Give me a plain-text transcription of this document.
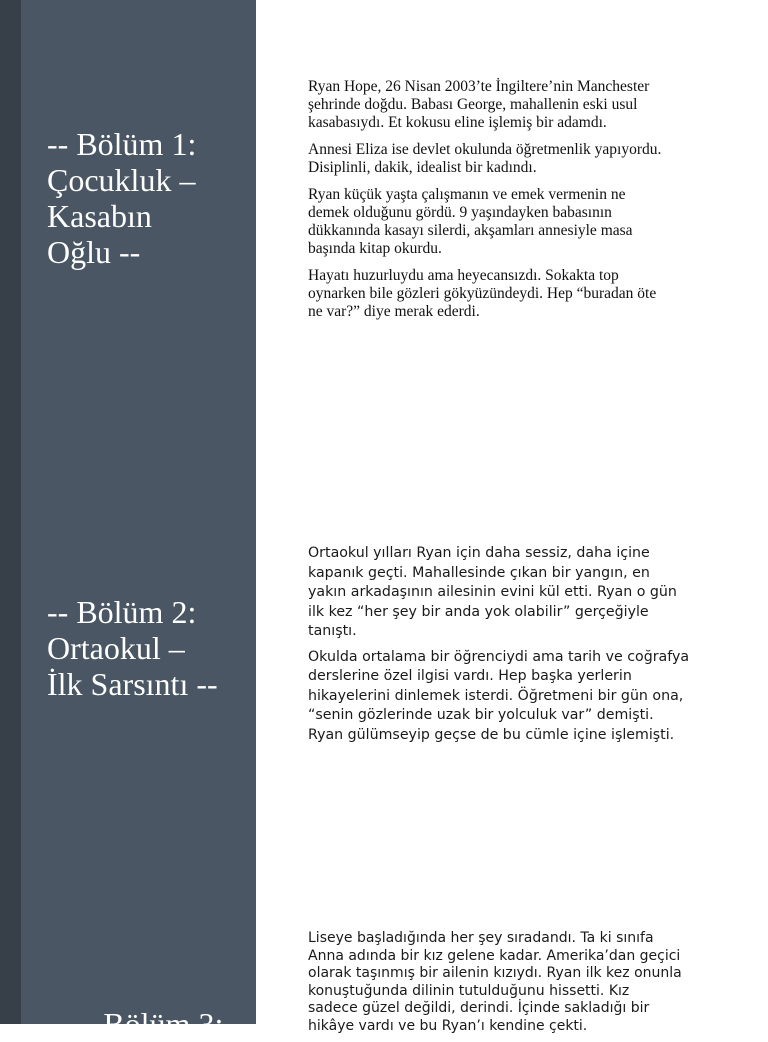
-- Bölüm 1:
Çocukluk –
Kasabın
Oğlu --
-- Bölüm 2:
Ortaokul –
İlk Sarsıntı --
-- Bölüm 3:

Ryan Hope, 26 Nisan 2003’te İngiltere’nin Manchester
şehrinde doğdu. Babası George, mahallenin eski usul
kasabasıydı. Et kokusu eline işlemiş bir adamdı.

Annesi Eliza ise devlet okulunda öğretmenlik yapıyordu.
Disiplinli, dakik, idealist bir kadındı.

Ryan küçük yaşta çalışmanın ve emek vermenin ne
demek olduğunu gördü. 9 yaşındayken babasının
dükkanında kasayı silerdi, akşamları annesiyle masa
başında kitap okurdu.

Hayatı huzurluydu ama heyecansızdı. Sokakta top
oynarken bile gözleri gökyüzündeydi. Hep “buradan öte
ne var?” diye merak ederdi.

Ortaokul yılları Ryan için daha sessiz, daha içine
kapanık geçti. Mahallesinde çıkan bir yangın, en
yakın arkadaşının ailesinin evini kül etti. Ryan o gün
ilk kez “her şey bir anda yok olabilir” gerçeğiyle
tanıştı.

Okulda ortalama bir öğrenciydi ama tarih ve coğrafya
derslerine özel ilgisi vardı. Hep başka yerlerin
hikayelerini dinlemek isterdi. Öğretmeni bir gün ona,
“senin gözlerinde uzak bir yolculuk var” demişti.
Ryan gülümseyip geçse de bu cümle içine işlemişti.

Liseye başladığında her şey sıradandı. Ta ki sınıfa
Anna adında bir kız gelene kadar. Amerika’dan geçici
olarak taşınmış bir ailenin kızıydı. Ryan ilk kez onunla
konuştuğunda dilinin tutulduğunu hissetti. Kız
sadece güzel değildi, derindi. İçinde sakladığı bir
hikâye vardı ve bu Ryan’ı kendine çekti.
